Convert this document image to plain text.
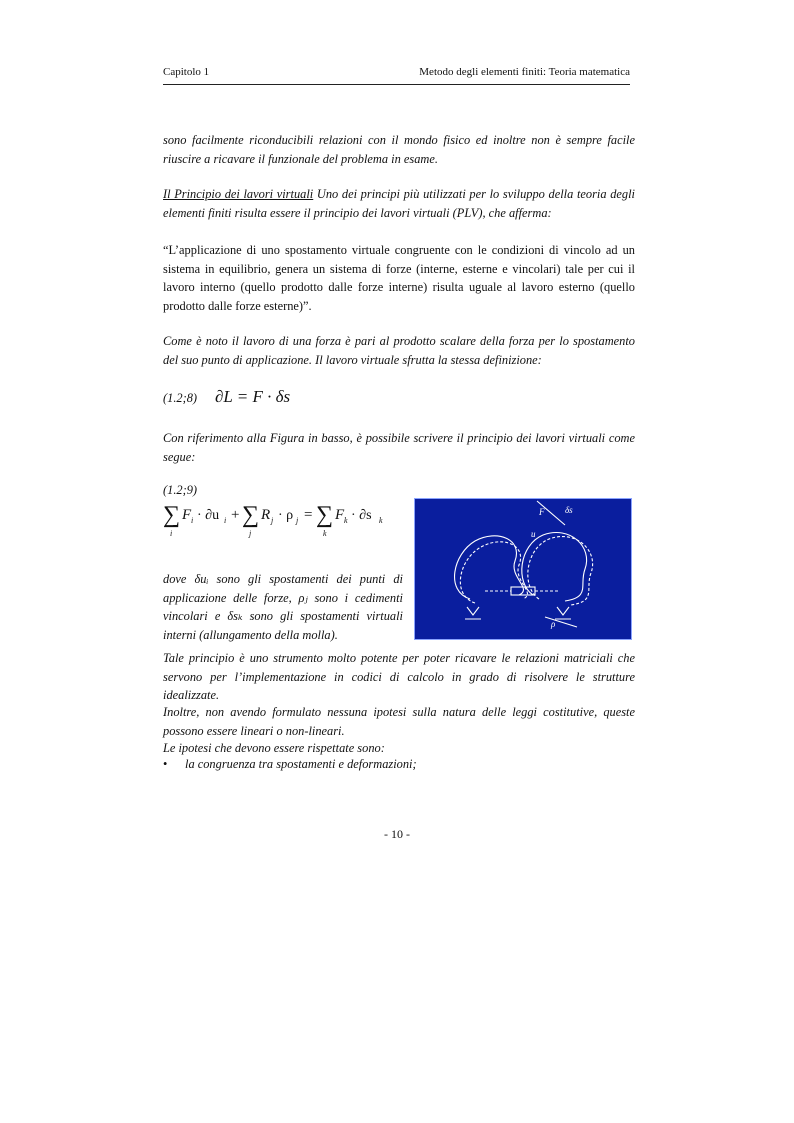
Capitolo 1	Metodo degli elementi finiti: Teoria matematica
sono facilmente riconducibili relazioni con il mondo fisico ed inoltre non è sempre facile riuscire a ricavare il funzionale del problema in esame.
Il Principio dei lavori virtuali Uno dei principi più utilizzati per lo sviluppo della teoria degli elementi finiti risulta essere il principio dei lavori virtuali (PLV), che afferma:
“L’applicazione di uno spostamento virtuale congruente con le condizioni di vincolo ad un sistema in equilibrio, genera un sistema di forze (interne, esterne e vincolari) tale per cui il lavoro interno (quello prodotto dalle forze interne) risulta uguale al lavoro esterno (quello prodotto dalle forze esterne)”.
Come è noto il lavoro di una forza è pari al prodotto scalare della forza per lo spostamento del suo punto di applicazione. Il lavoro virtuale sfrutta la stessa definizione:
(1.2;8) ∂L = F · δs
Con riferimento alla Figura in basso, è possibile scrivere il principio dei lavori virtuali come segue:
(1.2;9)
∑
i
F i · ∂u i + ∑
j
R j · ρ j = ∑
k
F k · ∂s k
F δs
u
ρ
dove δuᵢ sono gli spostamenti dei punti di applicazione delle forze, ρⱼ sono i cedimenti vincolari e δsₖ sono gli spostamenti virtuali interni (allungamento della molla).
Tale principio è uno strumento molto potente per poter ricavare le relazioni matriciali che servono per l’implementazione in codici di calcolo in grado di risolvere le strutture idealizzate.
Inoltre, non avendo formulato nessuna ipotesi sulla natura delle leggi costitutive, queste possono essere lineari o non-lineari.
Le ipotesi che devono essere rispettate sono:
• la congruenza tra spostamenti e deformazioni;
- 10 -
